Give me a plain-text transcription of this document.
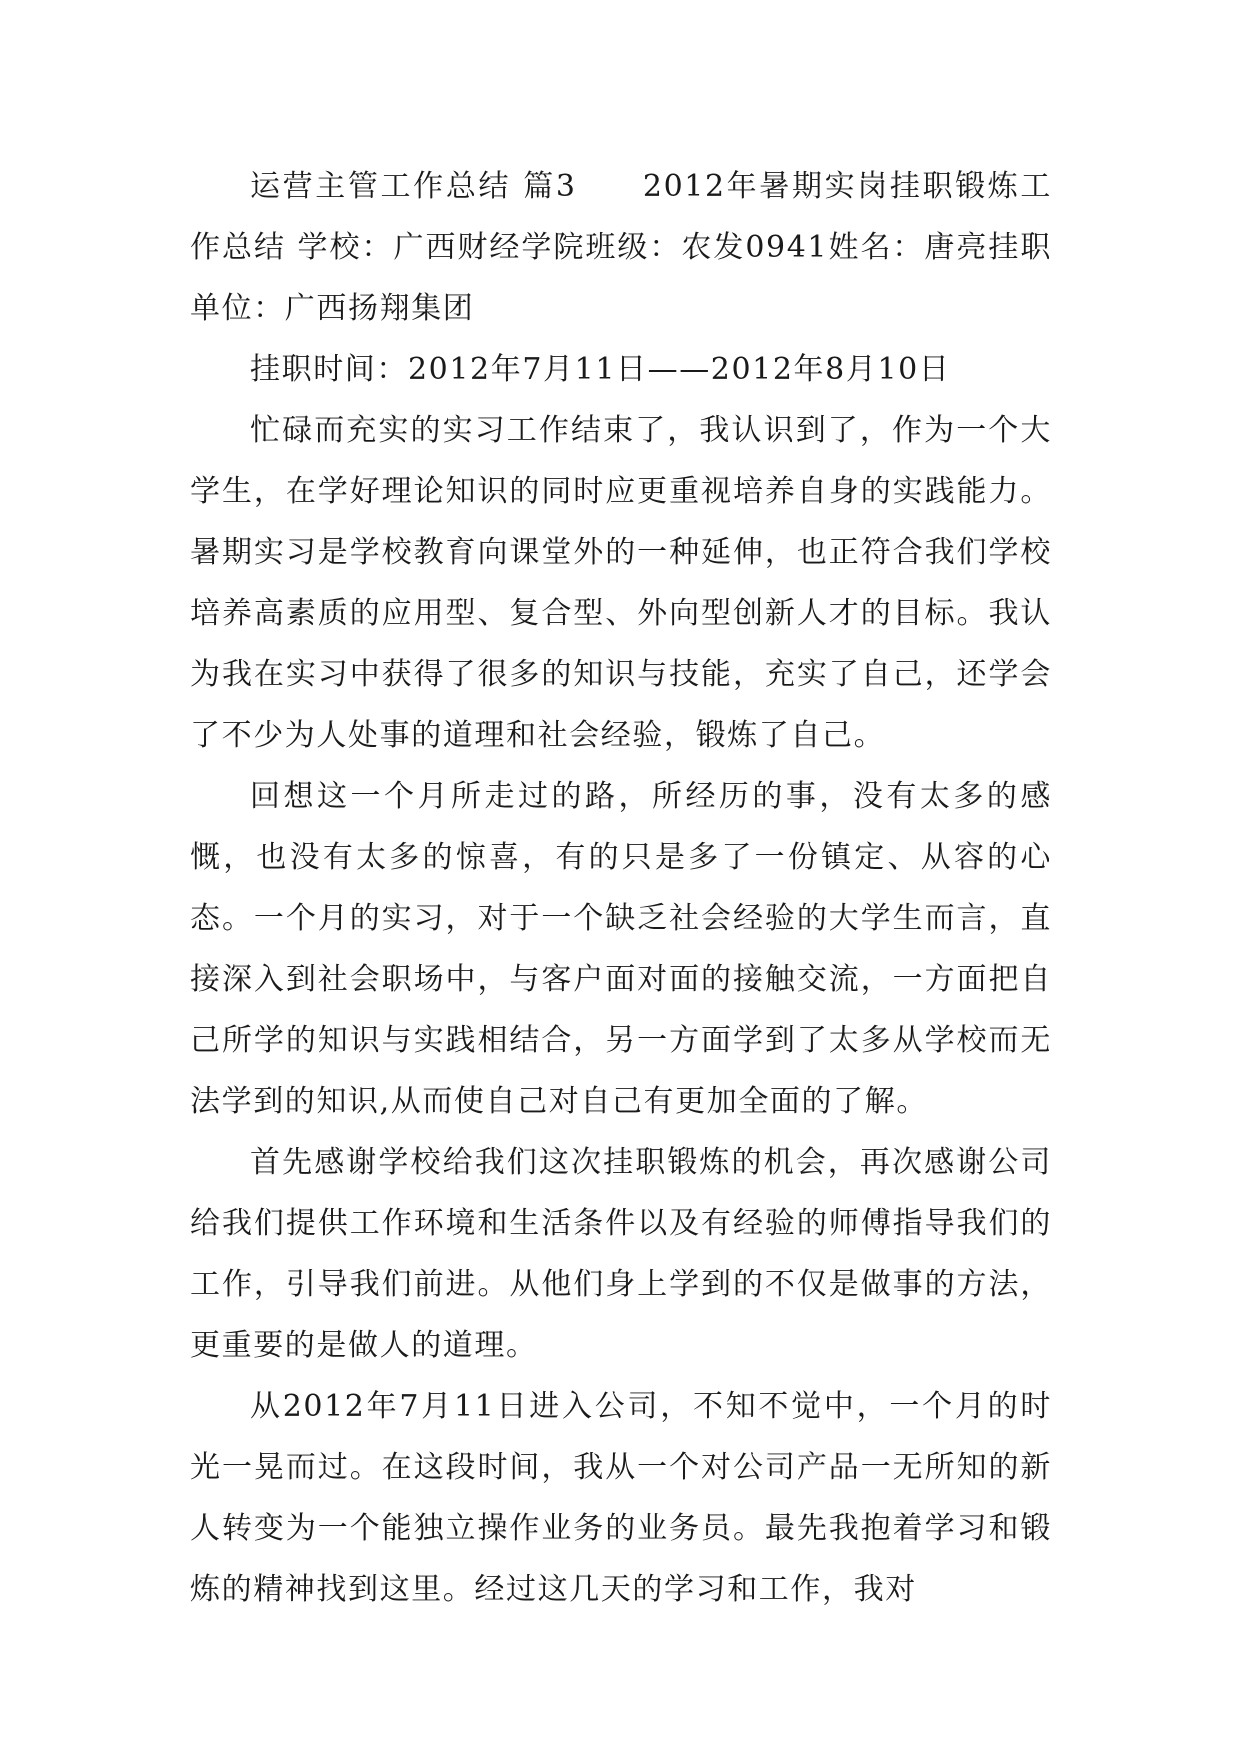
运营主管工作总结 篇3　　2012年暑期实岗挂职锻炼工作总结 学校：广西财经学院班级：农发0941姓名：唐亮挂职单位：广西扬翔集团

挂职时间：2012年7月11日——2012年8月10日

忙碌而充实的实习工作结束了，我认识到了，作为一个大学生，在学好理论知识的同时应更重视培养自身的实践能力。暑期实习是学校教育向课堂外的一种延伸，也正符合我们学校培养高素质的应用型、复合型、外向型创新人才的目标。我认为我在实习中获得了很多的知识与技能，充实了自己，还学会了不少为人处事的道理和社会经验，锻炼了自己。

回想这一个月所走过的路，所经历的事，没有太多的感慨，也没有太多的惊喜，有的只是多了一份镇定、从容的心态。一个月的实习，对于一个缺乏社会经验的大学生而言，直接深入到社会职场中，与客户面对面的接触交流，一方面把自己所学的知识与实践相结合，另一方面学到了太多从学校而无法学到的知识,从而使自己对自己有更加全面的了解。

首先感谢学校给我们这次挂职锻炼的机会，再次感谢公司给我们提供工作环境和生活条件以及有经验的师傅指导我们的工作，引导我们前进。从他们身上学到的不仅是做事的方法，更重要的是做人的道理。

从2012年7月11日进入公司，不知不觉中，一个月的时光一晃而过。在这段时间，我从一个对公司产品一无所知的新人转变为一个能独立操作业务的业务员。最先我抱着学习和锻炼的精神找到这里。经过这几天的学习和工作，我对
